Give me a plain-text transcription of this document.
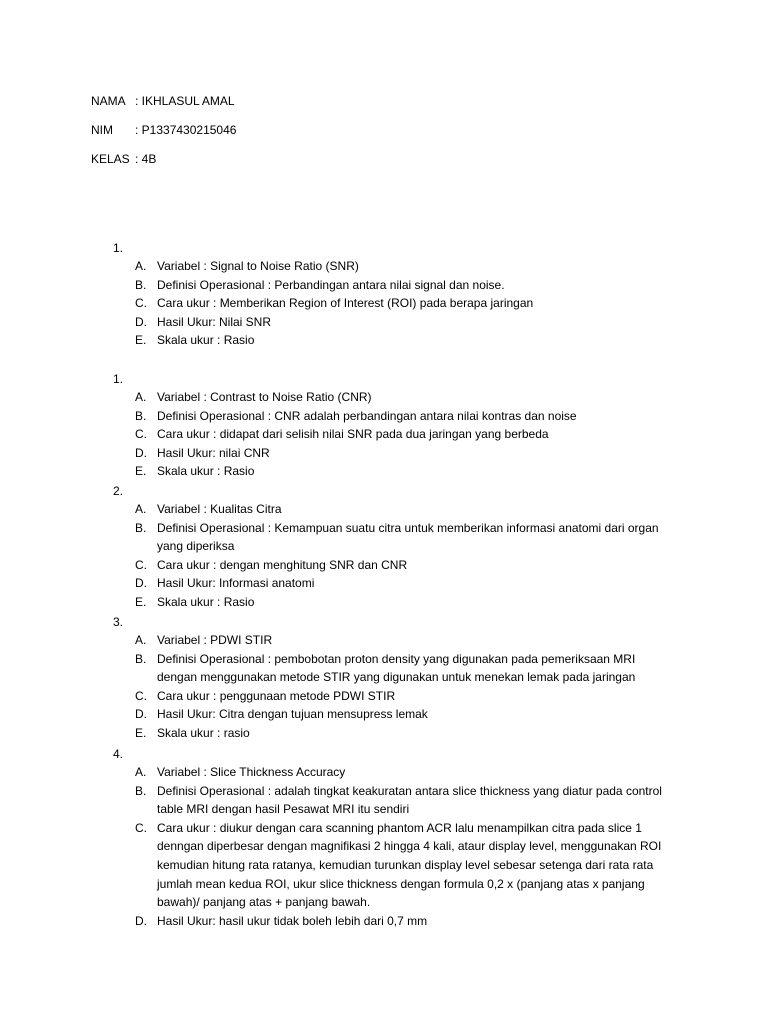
NAMA : IKHLASUL AMAL
NIM : P1337430215046
KELAS : 4B
1.
A. Variabel : Signal to Noise Ratio (SNR)
B. Definisi Operasional : Perbandingan antara nilai signal dan noise.
C. Cara ukur : Memberikan Region of Interest (ROI) pada berapa jaringan
D. Hasil Ukur: Nilai SNR
E. Skala ukur : Rasio
1.
A. Variabel : Contrast to Noise Ratio (CNR)
B. Definisi Operasional : CNR adalah perbandingan antara nilai kontras dan noise
C. Cara ukur : didapat dari selisih nilai SNR pada dua jaringan yang berbeda
D. Hasil Ukur: nilai CNR
E. Skala ukur : Rasio
2.
A. Variabel : Kualitas Citra
B. Definisi Operasional : Kemampuan suatu citra untuk memberikan informasi anatomi dari organ yang diperiksa
C. Cara ukur : dengan menghitung SNR dan CNR
D. Hasil Ukur: Informasi anatomi
E. Skala ukur : Rasio
3.
A. Variabel : PDWI STIR
B. Definisi Operasional : pembobotan proton density yang digunakan pada pemeriksaan MRI dengan menggunakan metode STIR yang digunakan untuk menekan lemak pada jaringan
C. Cara ukur : penggunaan metode PDWI STIR
D. Hasil Ukur: Citra dengan tujuan mensupress lemak
E. Skala ukur : rasio
4.
A. Variabel : Slice Thickness Accuracy
B. Definisi Operasional : adalah tingkat keakuratan antara slice thickness yang diatur pada control table MRI dengan hasil Pesawat MRI itu sendiri
C. Cara ukur : diukur dengan cara scanning phantom ACR lalu menampilkan citra pada slice 1 denngan diperbesar dengan magnifikasi 2 hingga 4 kali, ataur display level, menggunakan ROI kemudian hitung rata ratanya, kemudian turunkan display level sebesar setenga dari rata rata jumlah mean kedua ROI, ukur slice thickness dengan formula 0,2 x (panjang atas x panjang bawah)/ panjang atas + panjang bawah.
D. Hasil Ukur: hasil ukur tidak boleh lebih dari 0,7 mm
